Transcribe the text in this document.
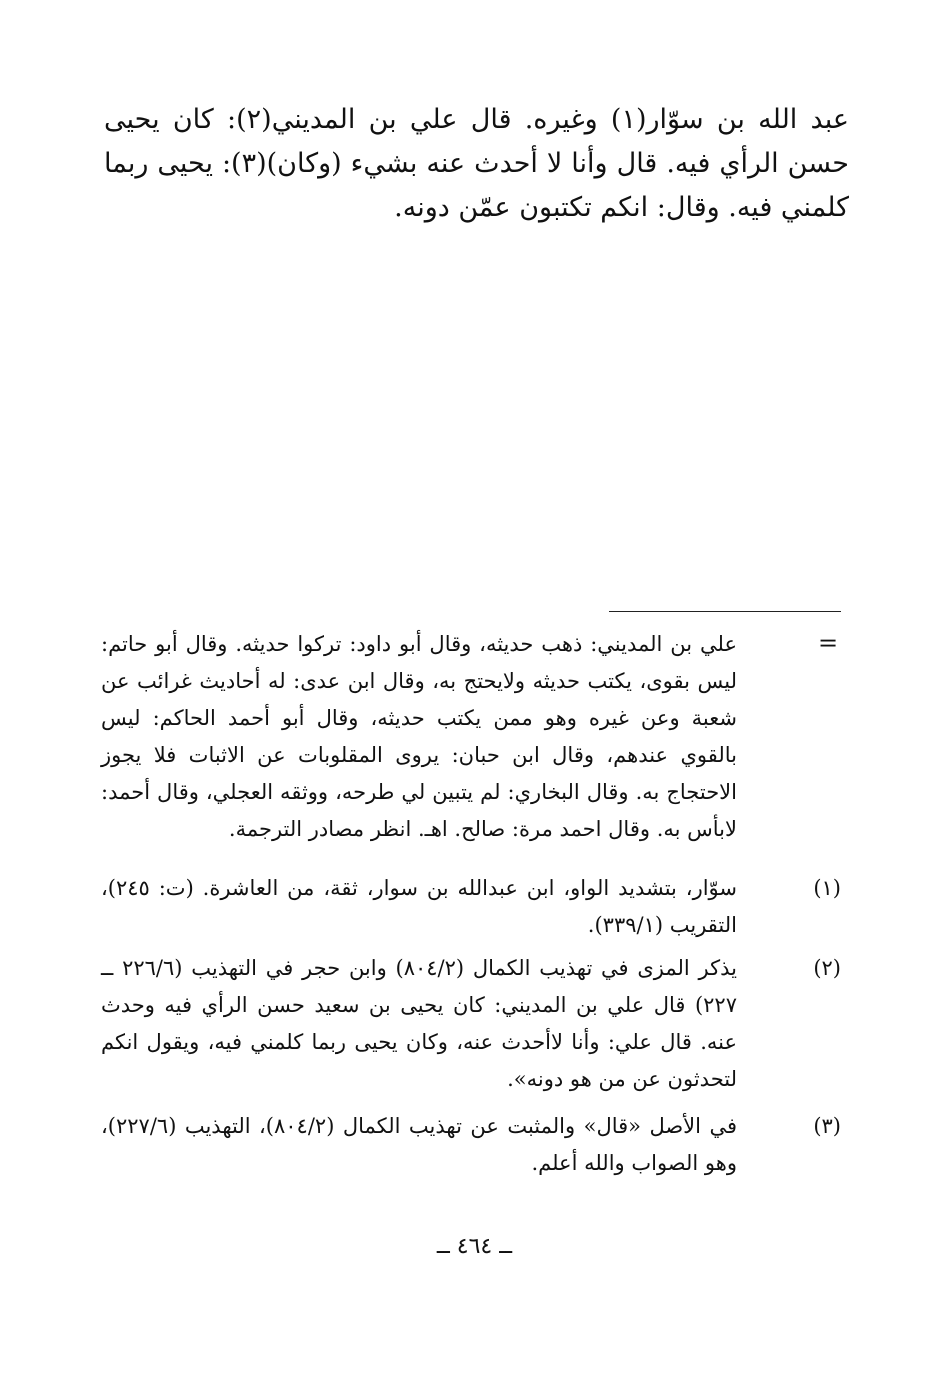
عبد الله بن سوّار(١) وغيره. قال علي بن المديني(٢): كان يحيى حسن الرأي فيه. قال وأنا لا أحدث عنه بشيء (وكان)(٣): يحيى ربما كلمني فيه. وقال: انكم تكتبون عمّن دونه.

=
علي بن المديني: ذهب حديثه، وقال أبو داود: تركوا حديثه. وقال أبو حاتم: ليس بقوى، يكتب حديثه ولايحتج به، وقال ابن عدى: له أحاديث غرائب عن شعبة وعن غيره وهو ممن يكتب حديثه، وقال أبو أحمد الحاكم: ليس بالقوي عندهم، وقال ابن حبان: يروى المقلوبات عن الاثبات فلا يجوز الاحتجاج به. وقال البخاري: لم يتبين لي طرحه، ووثقه العجلي، وقال أحمد: لابأس به. وقال احمد مرة: صالح. اهـ. انظر مصادر الترجمة.
(١)
سوّار، بتشديد الواو، ابن عبدالله بن سوار، ثقة، من العاشرة. (ت: ٢٤٥)، التقريب (٣٣٩/١).
(٢)
يذكر المزى في تهذيب الكمال (٨٠٤/٢) وابن حجر في التهذيب (٢٢٦/٦ ــ ٢٢٧) قال علي بن المديني: كان يحيى بن سعيد حسن الرأي فيه وحدث عنه. قال علي: وأنا لاأحدث عنه، وكان يحيى ربما كلمني فيه، ويقول انكم لتحدثون عن من هو دونه».
(٣)
في الأصل «قال» والمثبت عن تهذيب الكمال (٨٠٤/٢)، التهذيب (٢٢٧/٦)، وهو الصواب والله أعلم.
ــ ٤٦٤ ــ
